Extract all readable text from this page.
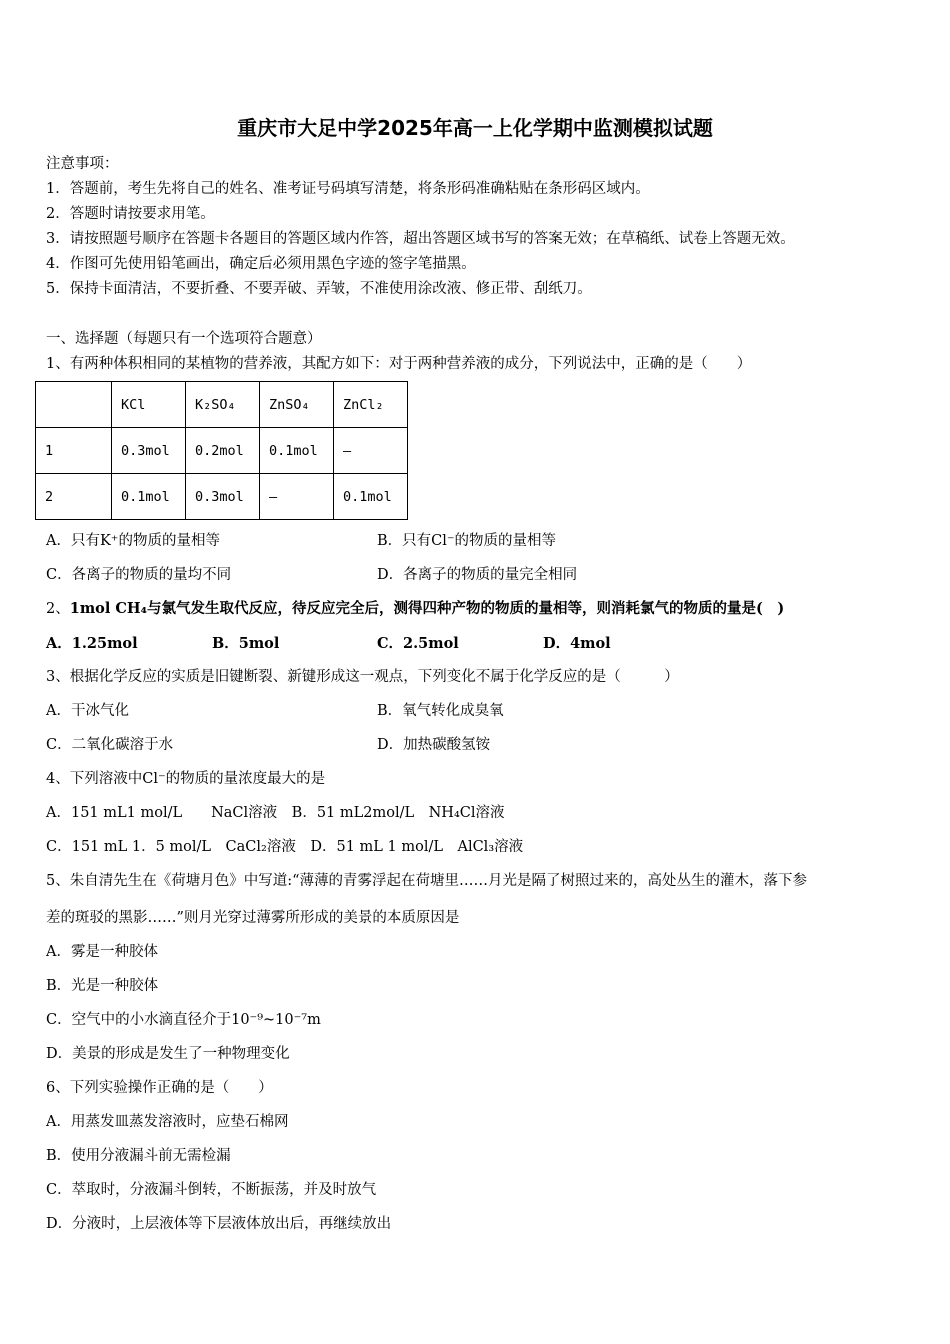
重庆市大足中学2025年高一上化学期中监测模拟试题
注意事项：
1．答题前，考生先将自己的姓名、准考证号码填写清楚，将条形码准确粘贴在条形码区域内。
2．答题时请按要求用笔。
3．请按照题号顺序在答题卡各题目的答题区域内作答，超出答题区域书写的答案无效；在草稿纸、试卷上答题无效。
4．作图可先使用铅笔画出，确定后必须用黑色字迹的签字笔描黑。
5．保持卡面清洁，不要折叠、不要弄破、弄皱，不准使用涂改液、修正带、刮纸刀。
一、选择题（每题只有一个选项符合题意）
1、有两种体积相同的某植物的营养液，其配方如下：对于两种营养液的成分，下列说法中，正确的是（　　）
	KCl	K₂SO₄	ZnSO₄	ZnCl₂
1	0.3mol	0.2mol	0.1mol	—
2	0.1mol	0.3mol	—	0.1mol
A．只有K⁺的物质的量相等	B．只有Cl⁻的物质的量相等
C．各离子的物质的量均不同	D．各离子的物质的量完全相同
2、1mol CH₄与氯气发生取代反应，待反应完全后，测得四种产物的物质的量相等，则消耗氯气的物质的量是(　)
A．1.25mol	B．5mol	C．2.5mol	D．4mol
3、根据化学反应的实质是旧键断裂、新键形成这一观点，下列变化不属于化学反应的是（　　　）
A．干冰气化	B．氧气转化成臭氧
C．二氧化碳溶于水	D．加热碳酸氢铵
4、下列溶液中Cl⁻的物质的量浓度最大的是
A．151 mL1 mol/L　　NaCl溶液　B．51 mL2mol/L　NH₄Cl溶液
C．151 mL 1．5 mol/L　CaCl₂溶液　D．51 mL 1 mol/L　AlCl₃溶液
5、朱自清先生在《荷塘月色》中写道:“薄薄的青雾浮起在荷塘里……月光是隔了树照过来的，高处丛生的灌木，落下参
差的斑驳的黑影……”则月光穿过薄雾所形成的美景的本质原因是
A．雾是一种胶体
B．光是一种胶体
C．空气中的小水滴直径介于10⁻⁹~10⁻⁷m
D．美景的形成是发生了一种物理变化
6、下列实验操作正确的是（　　）
A．用蒸发皿蒸发溶液时，应垫石棉网
B．使用分液漏斗前无需检漏
C．萃取时，分液漏斗倒转，不断振荡，并及时放气
D．分液时，上层液体等下层液体放出后，再继续放出
